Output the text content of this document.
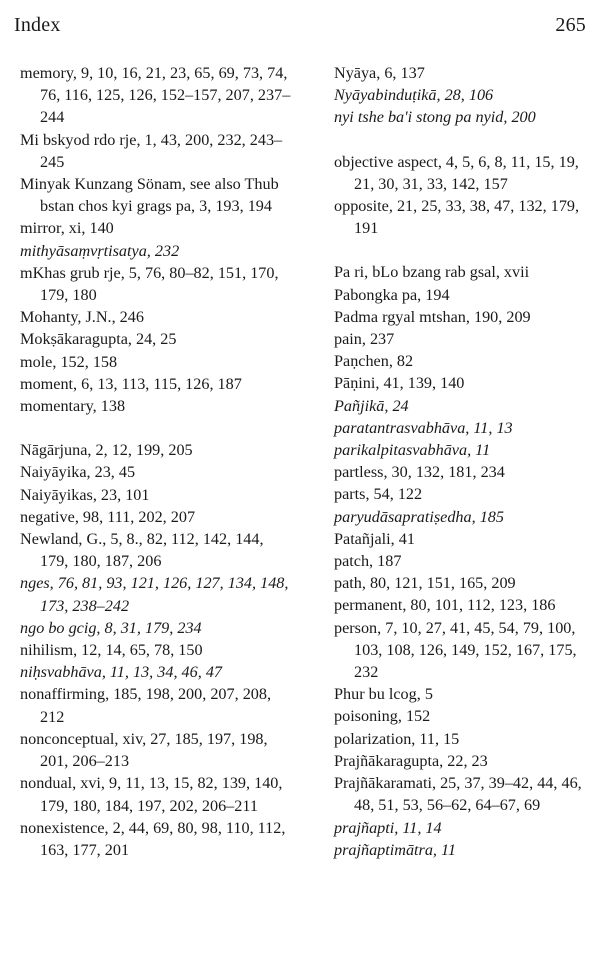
Index	265

memory, 9, 10, 16, 21, 23, 65, 69, 73, 74, 76, 116, 125, 126, 152–157, 207, 237–244

Mi bskyod rdo rje, 1, 43, 200, 232, 243–245

Minyak Kunzang Sönam, see also Thub bstan chos kyi grags pa, 3, 193, 194

mirror, xi, 140

mithyāsaṃvṛtisatya, 232

mKhas grub rje, 5, 76, 80–82, 151, 170, 179, 180

Mohanty, J.N., 246

Mokṣākaragupta, 24, 25

mole, 152, 158

moment, 6, 13, 113, 115, 126, 187

momentary, 138

Nāgārjuna, 2, 12, 199, 205

Naiyāyika, 23, 45

Naiyāyikas, 23, 101

negative, 98, 111, 202, 207

Newland, G., 5, 8., 82, 112, 142, 144, 179, 180, 187, 206

nges, 76, 81, 93, 121, 126, 127, 134, 148, 173, 238–242

ngo bo gcig, 8, 31, 179, 234

nihilism, 12, 14, 65, 78, 150

niḥsvabhāva, 11, 13, 34, 46, 47

nonaffirming, 185, 198, 200, 207, 208, 212

nonconceptual, xiv, 27, 185, 197, 198, 201, 206–213

nondual, xvi, 9, 11, 13, 15, 82, 139, 140, 179, 180, 184, 197, 202, 206–211

nonexistence, 2, 44, 69, 80, 98, 110, 112, 163, 177, 201

Nyāya, 6, 137

Nyāyabinduṭikā, 28, 106

nyi tshe ba'i stong pa nyid, 200

objective aspect, 4, 5, 6, 8, 11, 15, 19, 21, 30, 31, 33, 142, 157

opposite, 21, 25, 33, 38, 47, 132, 179, 191

Pa ri, bLo bzang rab gsal, xvii

Pabongka pa, 194

Padma rgyal mtshan, 190, 209

pain, 237

Paṇchen, 82

Pāṇini, 41, 139, 140

Pañjikā, 24

paratantrasvabhāva, 11, 13

parikalpitasvabhāva, 11

partless, 30, 132, 181, 234

parts, 54, 122

paryudāsapratiṣedha, 185

Patañjali, 41

patch, 187

path, 80, 121, 151, 165, 209

permanent, 80, 101, 112, 123, 186

person, 7, 10, 27, 41, 45, 54, 79, 100, 103, 108, 126, 149, 152, 167, 175, 232

Phur bu lcog, 5

poisoning, 152

polarization, 11, 15

Prajñākaragupta, 22, 23

Prajñākaramati, 25, 37, 39–42, 44, 46, 48, 51, 53, 56–62, 64–67, 69

prajñapti, 11, 14

prajñaptimātra, 11
